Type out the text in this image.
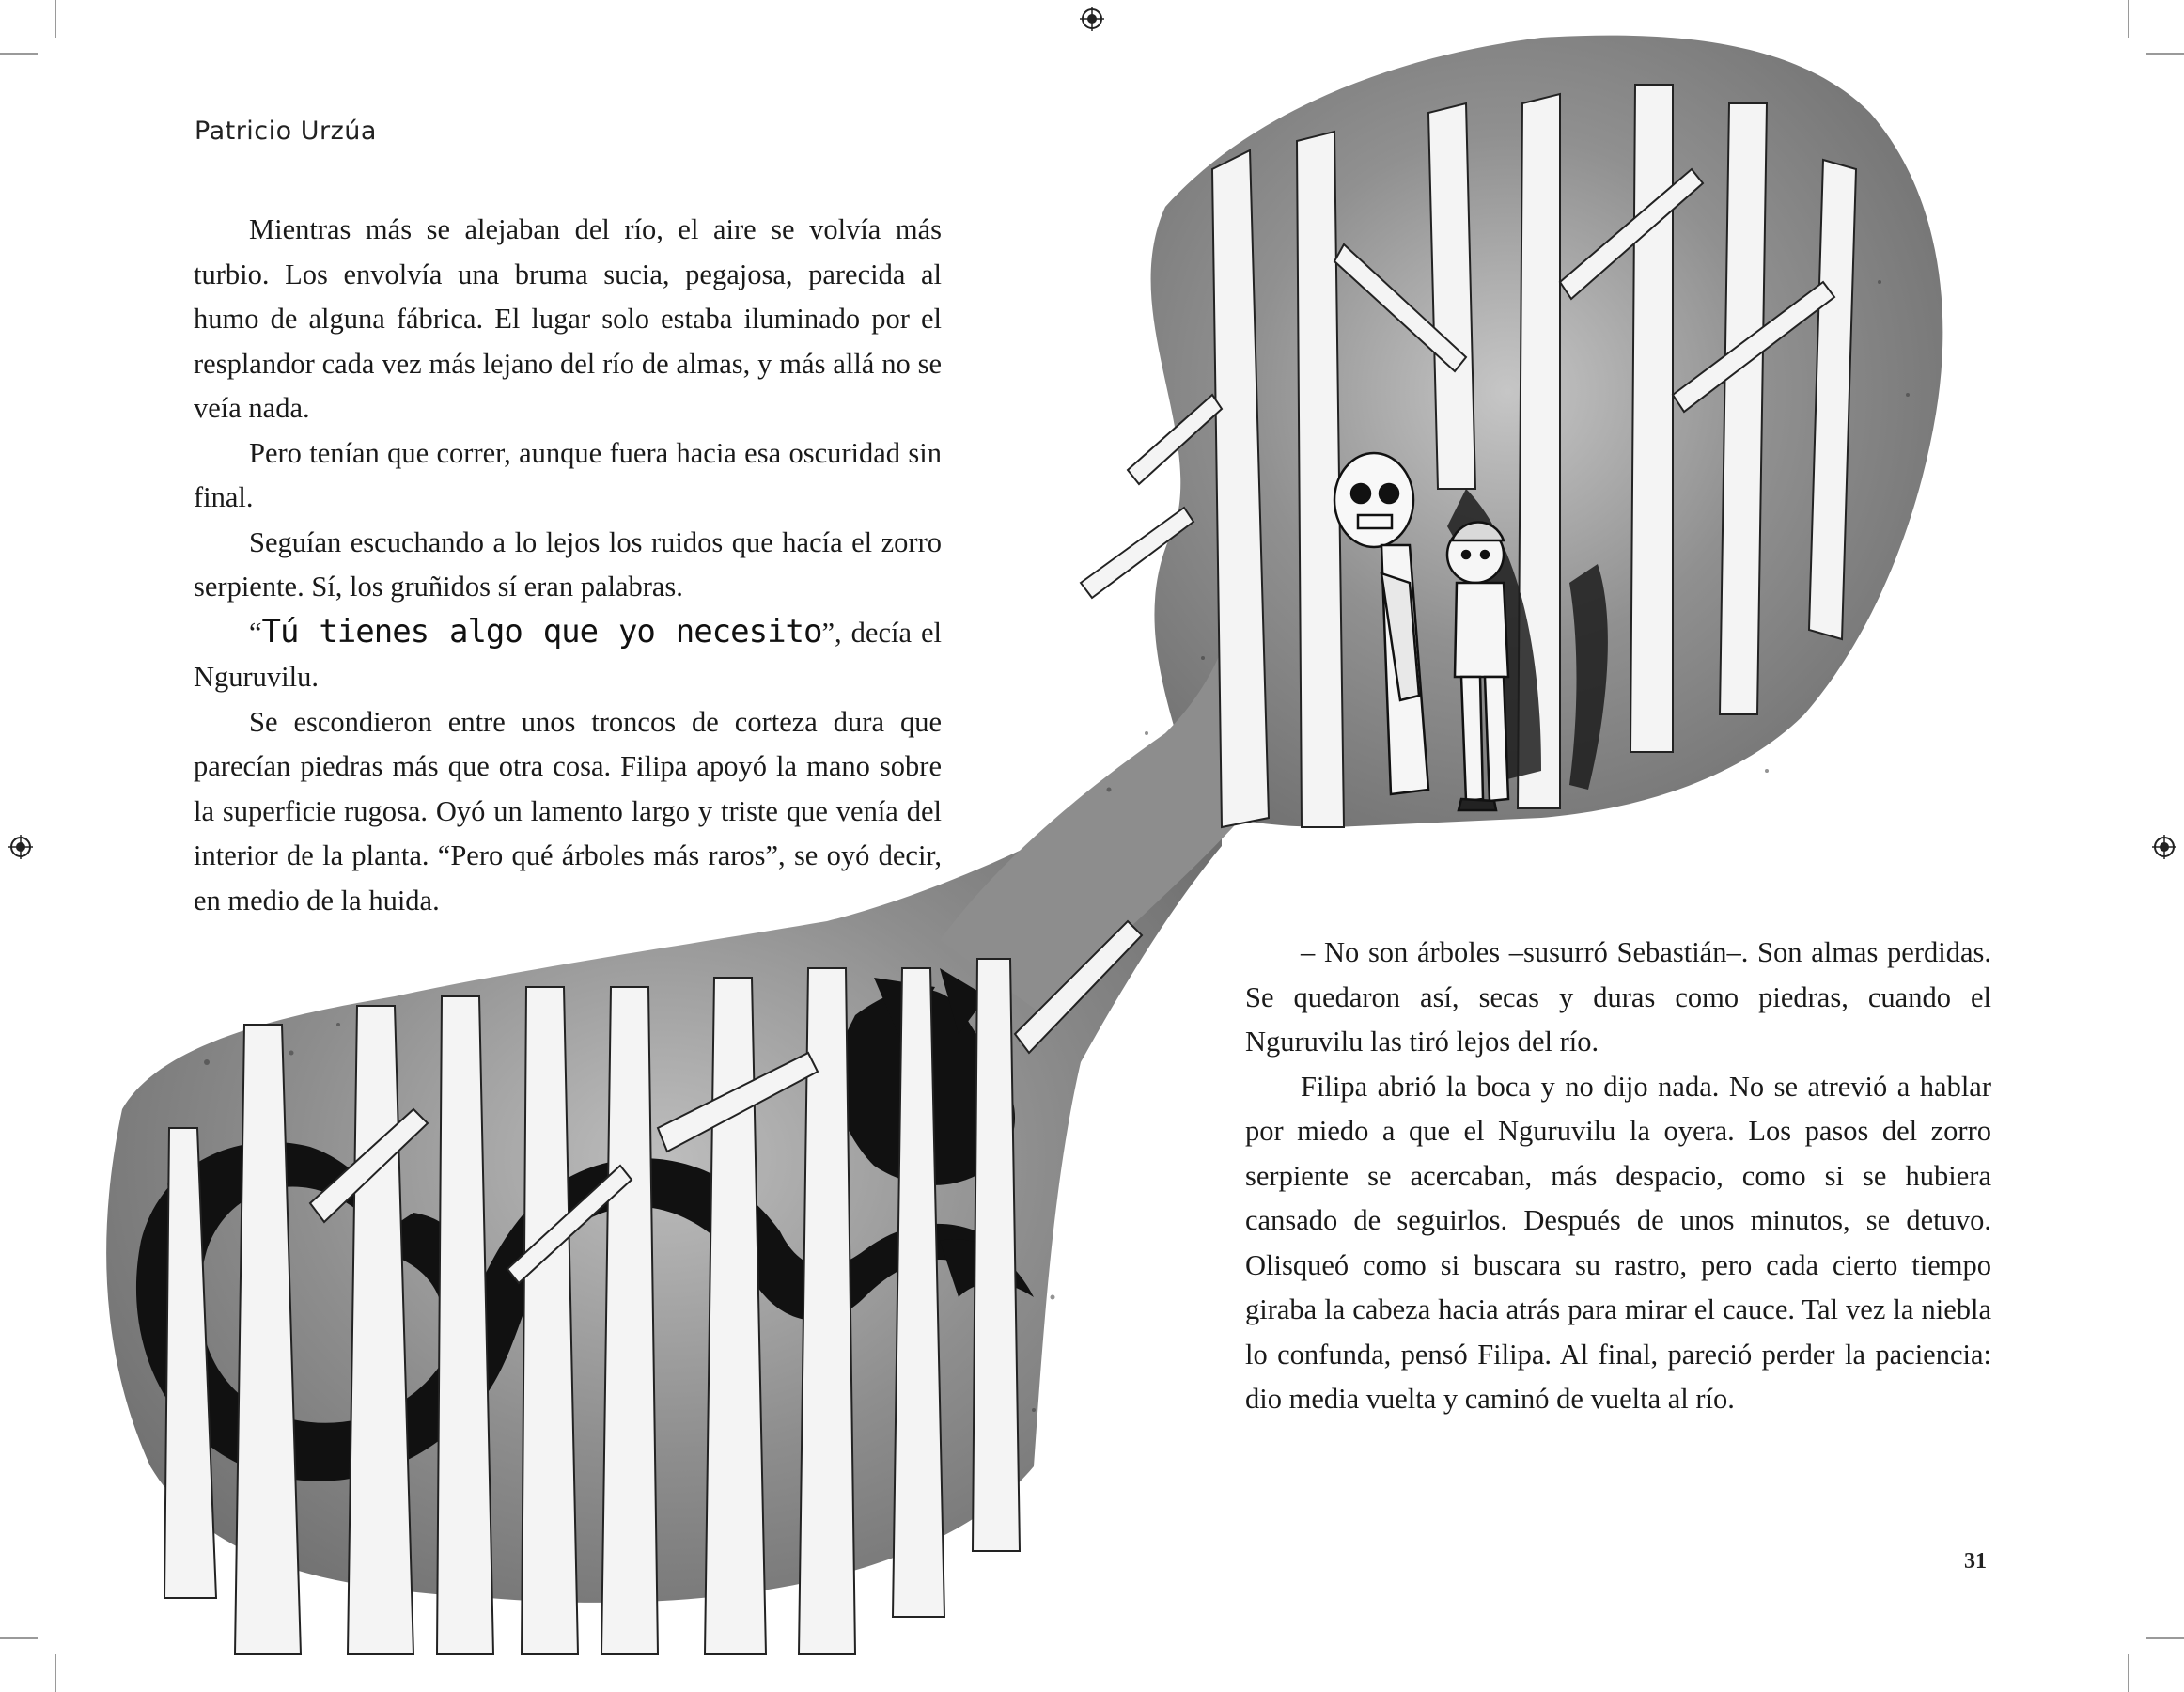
Patricio Urzúa

Mientras más se alejaban del río, el aire se volvía más turbio. Los envolvía una bruma sucia, pegajosa, parecida al humo de alguna fábrica. El lugar solo estaba iluminado por el resplandor cada vez más lejano del río de almas, y más allá no se veía nada.

Pero tenían que correr, aunque fuera hacia esa oscuridad sin final.

Seguían escuchando a lo lejos los ruidos que hacía el zorro serpiente. Sí, los gruñidos sí eran palabras.

“Tú tienes algo que yo necesito”, decía el Nguruvilu.

Se escondieron entre unos troncos de corteza dura que parecían piedras más que otra cosa. Filipa apoyó la mano sobre la superficie rugosa. Oyó un lamento largo y triste que venía del interior de la planta. “Pero qué árboles más raros”, se oyó decir, en medio de la huida.

– No son árboles –susurró Sebastián–. Son almas perdidas. Se quedaron así, secas y duras como piedras, cuando el Nguruvilu las tiró lejos del río.

Filipa abrió la boca y no dijo nada. No se atrevió a hablar por miedo a que el Nguruvilu la oyera. Los pasos del zorro serpiente se acercaban, más despacio, como si se hubiera cansado de seguirlos. Después de unos minutos, se detuvo. Olisqueó como si buscara su rastro, pero cada cierto tiempo giraba la cabeza hacia atrás para mirar el cauce. Tal vez la niebla lo confunda, pensó Filipa. Al final, pareció perder la paciencia: dio media vuelta y caminó de vuelta al río.

31
